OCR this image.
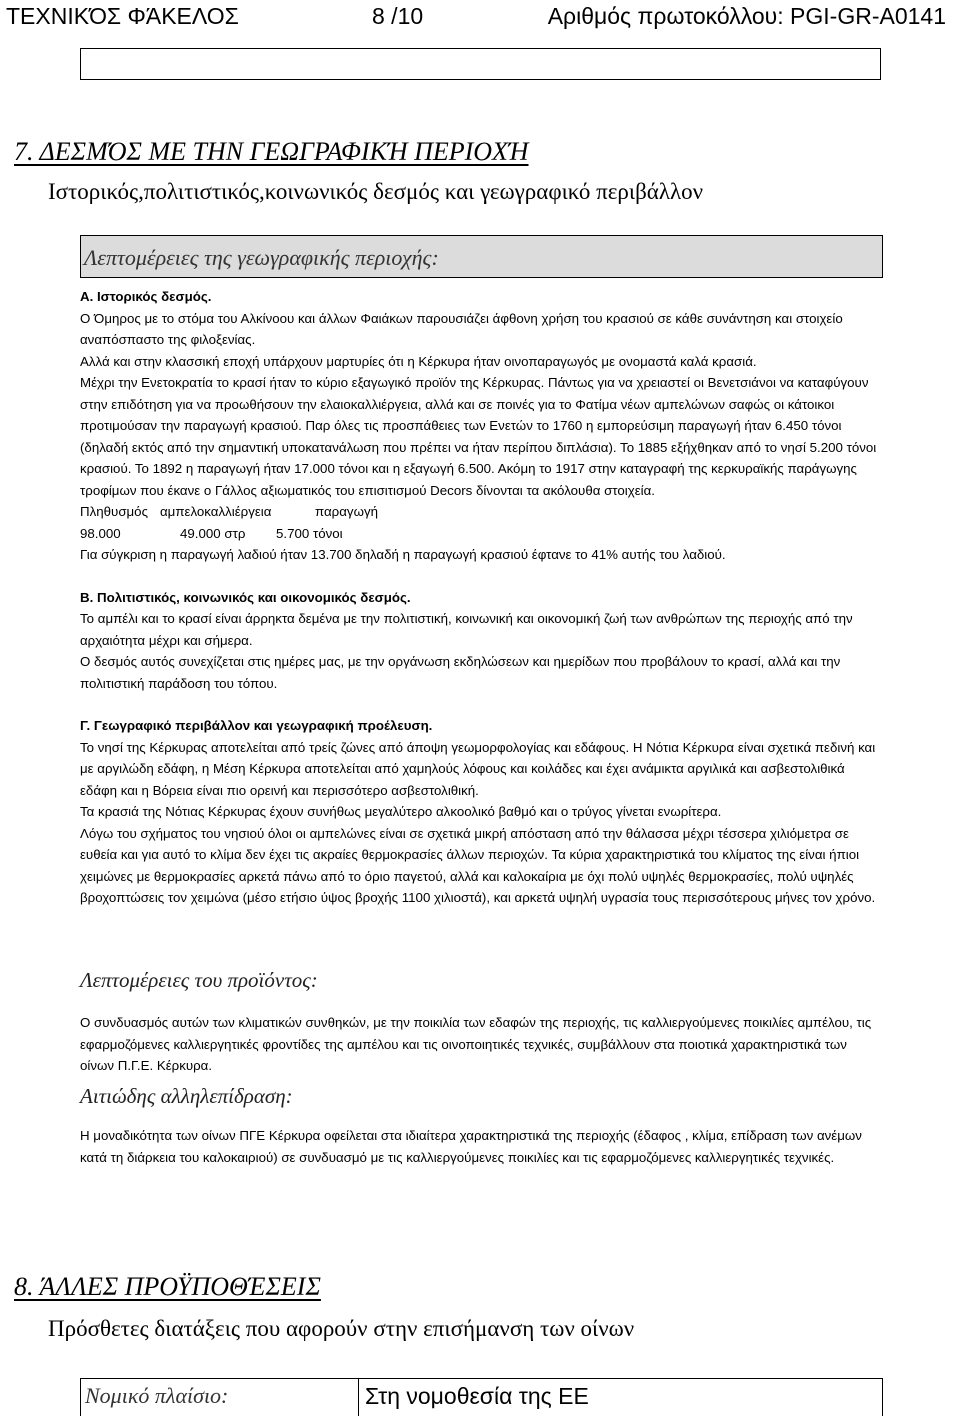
ΤΕΧΝΙΚΌΣ ΦΆΚΕΛΟΣ	8 /10	Αριθμός πρωτοκόλλου: PGI-GR-A0141
7. ΔΕΣΜΌΣ ΜΕ ΤΗΝ ΓΕΩΓΡΑΦΙΚΉ ΠΕΡΙΟΧΉ
Ιστορικός,πολιτιστικός,κοινωνικός δεσμός και γεωγραφικό περιβάλλον
Λεπτομέρειες της γεωγραφικής περιοχής:

Α. Ιστορικός δεσμός.

Ο Όμηρος με το στόμα του Αλκίνοου και άλλων Φαιάκων παρουσιάζει άφθονη χρήση του κρασιού σε κάθε συνάντηση και στοιχείο αναπόσπαστο της φιλοξενίας.

Αλλά και στην κλασσική εποχή υπάρχουν μαρτυρίες ότι η Κέρκυρα ήταν οινοπαραγωγός με ονομαστά καλά κρασιά.

Μέχρι την Ενετοκρατία το κρασί ήταν το κύριο εξαγωγικό προϊόν της Κέρκυρας. Πάντως για να χρειαστεί οι Βενετσιάνοι να καταφύγουν στην επιδότηση για να προωθήσουν την ελαιοκαλλιέργεια, αλλά και σε ποινές για το Φατίμα νέων αμπελώνων σαφώς οι κάτοικοι προτιμούσαν την παραγωγή κρασιού. Παρ όλες τις προσπάθειες των Ενετών το 1760 η εμπορεύσιμη παραγωγή ήταν 6.450 τόνοι (δηλαδή εκτός από την σημαντική υποκατανάλωση που πρέπει να ήταν περίπου διπλάσια). Το 1885 εξήχθηκαν από το νησί 5.200 τόνοι κρασιού. Το 1892 η παραγωγή ήταν 17.000 τόνοι και η εξαγωγή 6.500. Ακόμη το 1917 στην καταγραφή της κερκυραϊκής παράγωγης τροφίμων που έκανε ο Γάλλος αξιωματικός του επισιτισμού Decors δίνονται τα ακόλουθα στοιχεία.

Πληθυσμός αμπελοκαλλιέργεια	παραγωγή

98.000	49.000 στρ 5.700 τόνοι

Για σύγκριση η παραγωγή λαδιού ήταν 13.700 δηλαδή η παραγωγή κρασιού έφτανε το 41% αυτής του λαδιού.

Β. Πολιτιστικός, κοινωνικός και οικονομικός δεσμός.

Το αμπέλι και το κρασί είναι άρρηκτα δεμένα με την πολιτιστική, κοινωνική και οικονομική ζωή των ανθρώπων της περιοχής από την αρχαιότητα μέχρι και σήμερα.

Ο δεσμός αυτός συνεχίζεται στις ημέρες μας, με την οργάνωση εκδηλώσεων και ημερίδων που προβάλουν το κρασί, αλλά και την πολιτιστική παράδοση του τόπου.

Γ. Γεωγραφικό περιβάλλον και γεωγραφική προέλευση.

Το νησί της Κέρκυρας αποτελείται από τρείς ζώνες από άποψη γεωμορφολογίας και εδάφους. Η Νότια Κέρκυρα είναι σχετικά πεδινή και με αργιλώδη εδάφη, η Μέση Κέρκυρα αποτελείται από χαμηλούς λόφους και κοιλάδες και έχει ανάμικτα αργιλικά και ασβεστολιθικά εδάφη και η Βόρεια είναι πιο ορεινή και περισσότερο ασβεστολιθική.

Τα κρασιά της Νότιας Κέρκυρας έχουν συνήθως μεγαλύτερο αλκοολικό βαθμό και ο τρύγος γίνεται ενωρίτερα.

Λόγω του σχήματος του νησιού όλοι οι αμπελώνες είναι σε σχετικά μικρή απόσταση από την θάλασσα μέχρι τέσσερα χιλιόμετρα σε ευθεία και για αυτό το κλίμα δεν έχει τις ακραίες θερμοκρασίες άλλων περιοχών. Τα κύρια χαρακτηριστικά του κλίματος της είναι ήπιοι χειμώνες με θερμοκρασίες αρκετά πάνω από το όριο παγετού, αλλά και καλοκαίρια με όχι πολύ υψηλές θερμοκρασίες, πολύ υψηλές βροχοπτώσεις τον χειμώνα (μέσο ετήσιο ύψος βροχής 1100 χιλιοστά), και αρκετά υψηλή υγρασία τους περισσότερους μήνες τον χρόνο.

Λεπτομέρειες του προϊόντος:
Ο συνδυασμός αυτών των κλιματικών συνθηκών, με την ποικιλία των εδαφών της περιοχής, τις καλλιεργούμενες ποικιλίες αμπέλου, τις εφαρμοζόμενες καλλιεργητικές φροντίδες της αμπέλου και τις οινοποιητικές τεχνικές, συμβάλλουν στα ποιοτικά χαρακτηριστικά των οίνων Π.Γ.Ε. Κέρκυρα.
Αιτιώδης αλληλεπίδραση:
Η μοναδικότητα των οίνων ΠΓΕ Κέρκυρα οφείλεται στα ιδιαίτερα χαρακτηριστικά της περιοχής (έδαφος , κλίμα, επίδραση των ανέμων κατά τη διάρκεια του καλοκαιριού) σε συνδυασμό με τις καλλιεργούμενες ποικιλίες και τις εφαρμοζόμενες καλλιεργητικές τεχνικές.
8. ΆΛΛΕΣ ΠΡΟΫΠΟΘΈΣΕΙΣ
Πρόσθετες διατάξεις που αφορούν στην επισήμανση των οίνων
Νομικό πλαίσιο:	Στη νομοθεσία της ΕΕ
